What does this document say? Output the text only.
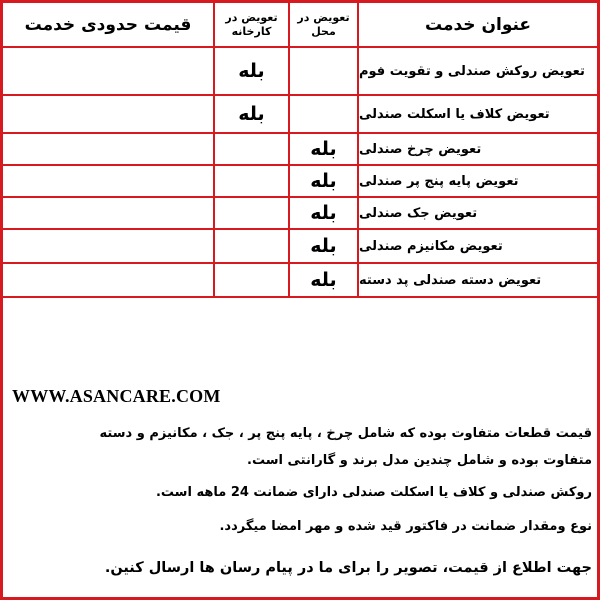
قیمت حدودی خدمت	تعویض در
کارخانه
تعویض در
محل	عنوان خدمت
تعویض روکش صندلی و تقویت فوم
بله
تعویض کلاف یا اسکلت صندلی
بله
تعویض چرخ صندلی
بله
تعویض پایه پنج پر صندلی
بله
تعویض جک صندلی
بله
تعویض مکانیزم صندلی
بله
تعویض دسته صندلی پد دسته
بله
WWW.ASANCARE.COM
قیمت قطعات متفاوت بوده که شامل چرخ ، پایه پنج پر ، جک ، مکانیزم و دسته
متفاوت بوده و شامل چندین مدل برند و گارانتی است.
روکش صندلی و کلاف یا اسکلت صندلی دارای ضمانت 24 ماهه است.
نوع ومقدار ضمانت در فاکتور قید شده و مهر امضا میگردد.
جهت اطلاع از قیمت، تصویر را برای ما در پیام رسان ها ارسال کنین.
